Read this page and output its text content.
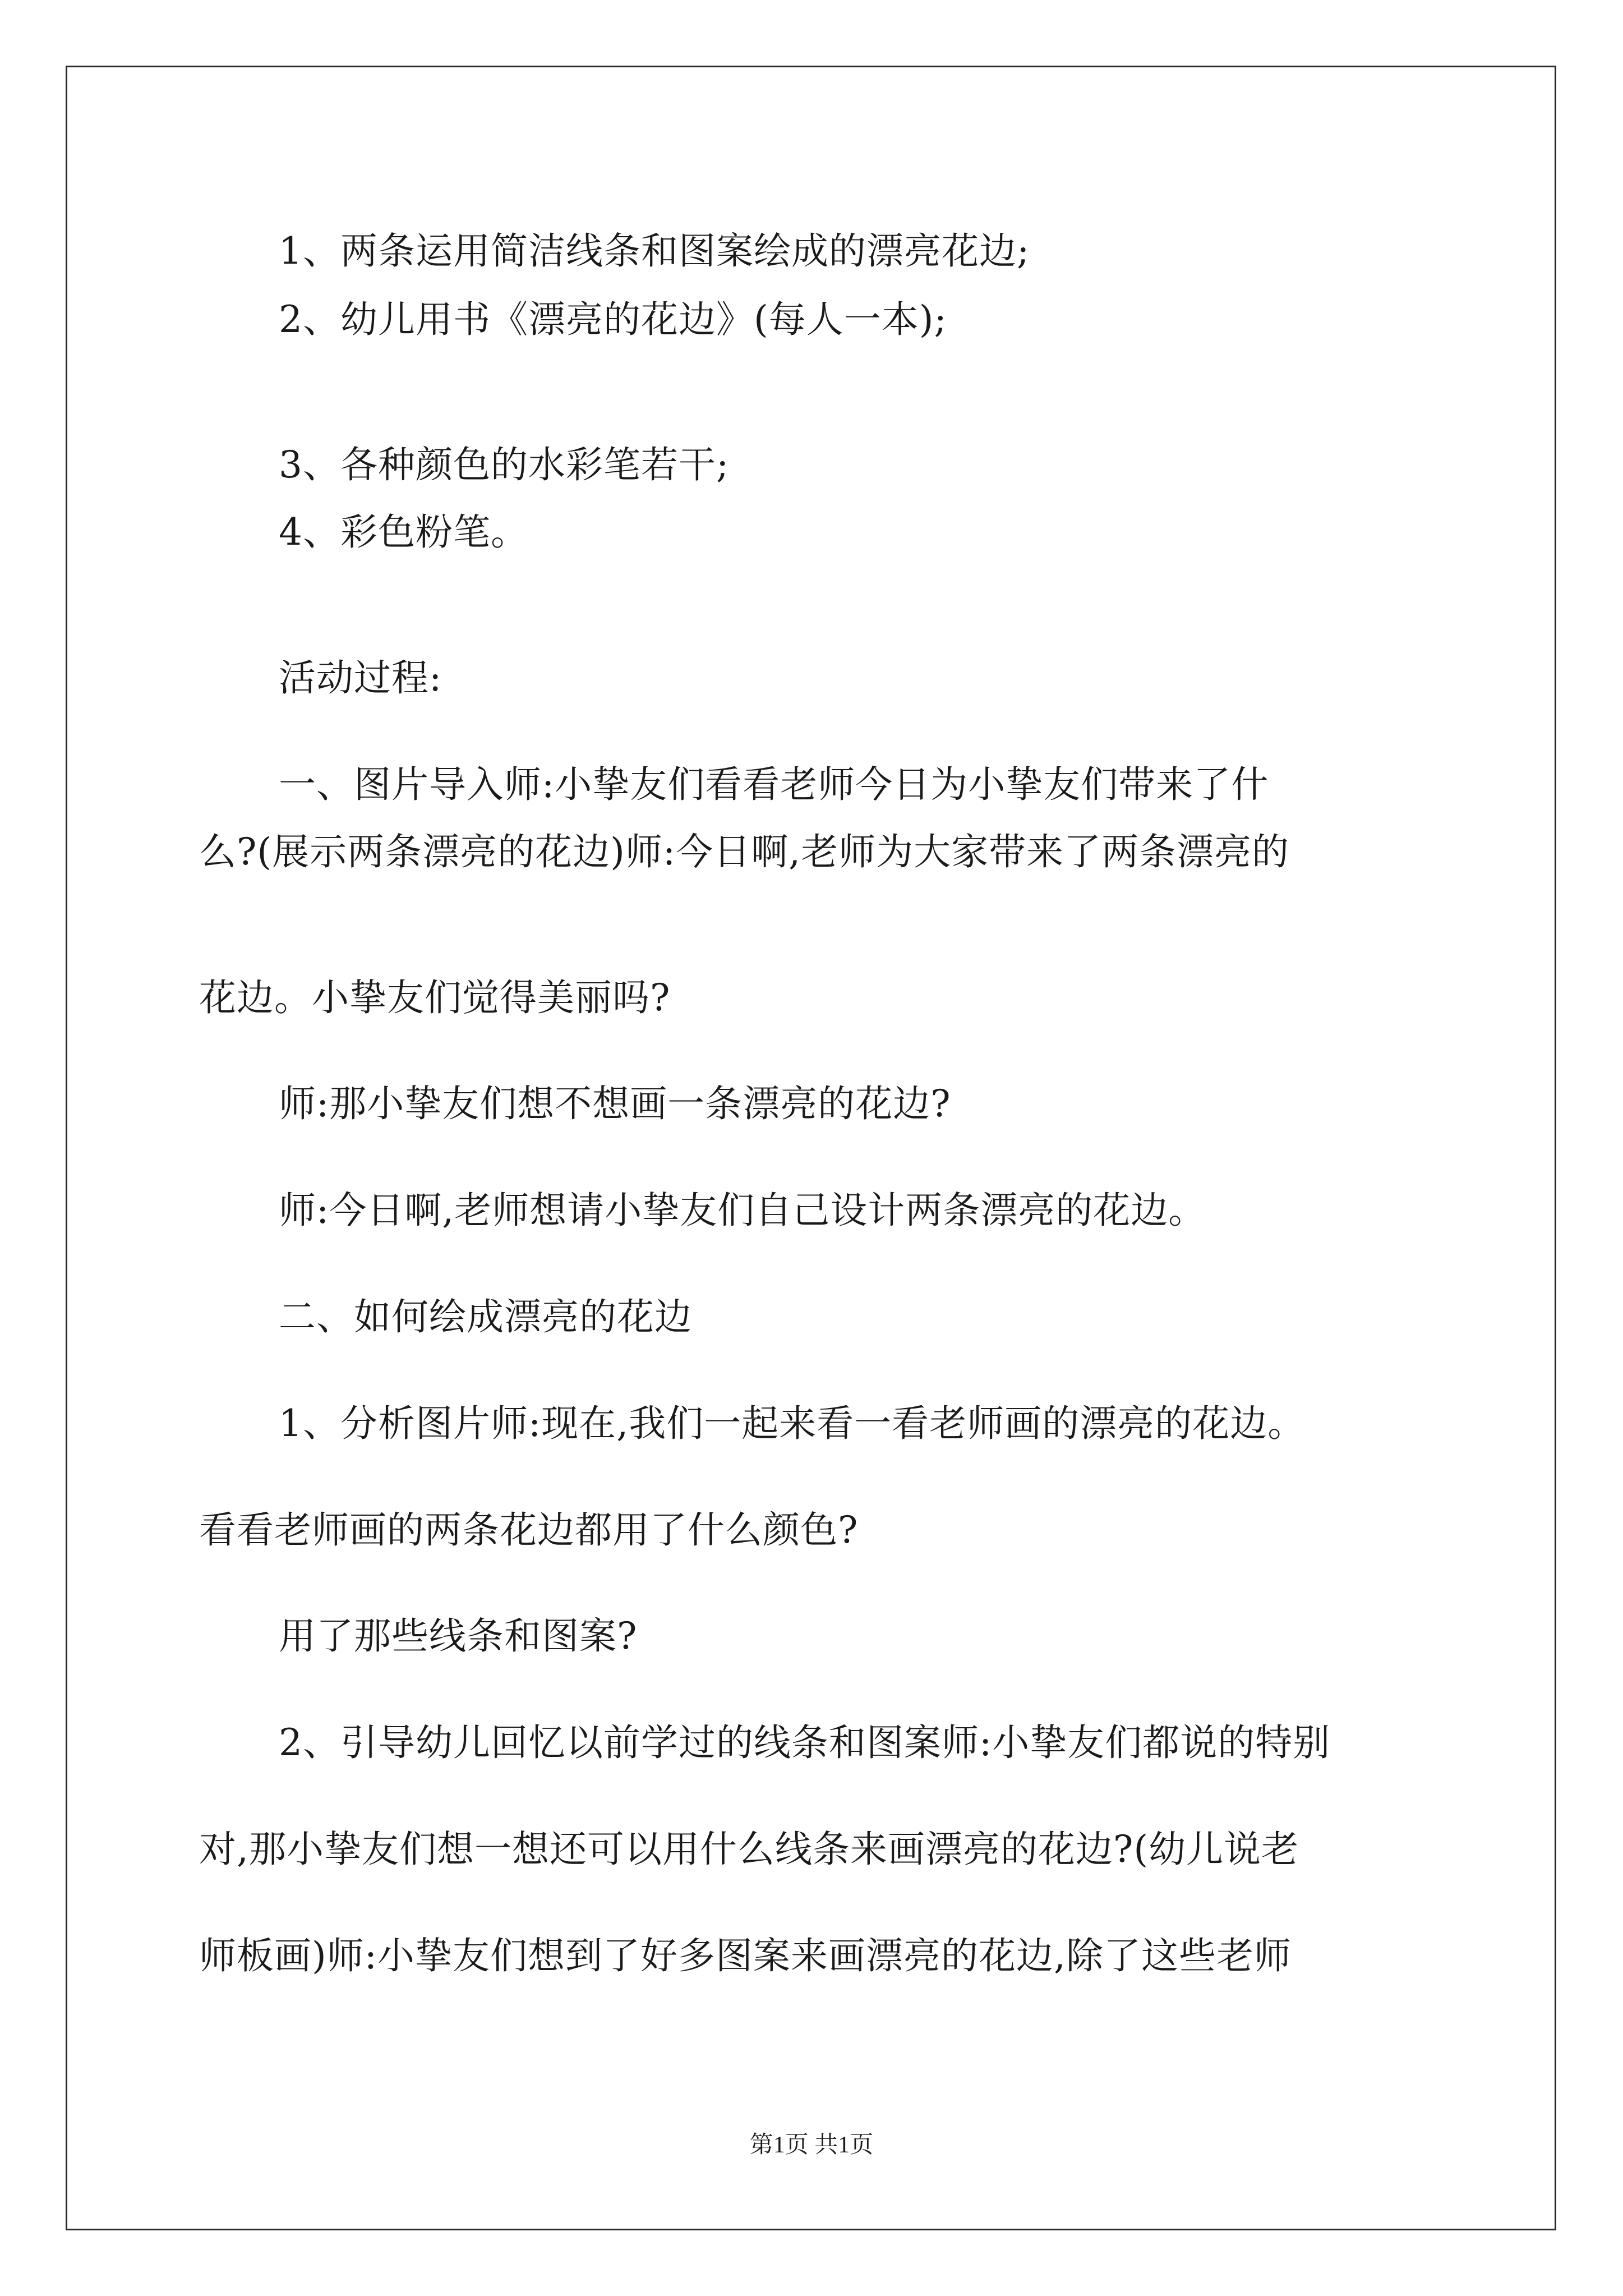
1、两条运用简洁线条和图案绘成的漂亮花边;

2、幼儿用书《漂亮的花边》(每人一本);

3、各种颜色的水彩笔若干;

4、彩色粉笔。

活动过程:

一、图片导入师:小挚友们看看老师今日为小挚友们带来了什

么?(展示两条漂亮的花边)师:今日啊,老师为大家带来了两条漂亮的

花边。小挚友们觉得美丽吗?

师:那小挚友们想不想画一条漂亮的花边?

师:今日啊,老师想请小挚友们自己设计两条漂亮的花边。

二、如何绘成漂亮的花边

1、分析图片师:现在,我们一起来看一看老师画的漂亮的花边。

看看老师画的两条花边都用了什么颜色?

用了那些线条和图案?

2、引导幼儿回忆以前学过的线条和图案师:小挚友们都说的特别

对,那小挚友们想一想还可以用什么线条来画漂亮的花边?(幼儿说老

师板画)师:小挚友们想到了好多图案来画漂亮的花边,除了这些老师

第1页 共1页
